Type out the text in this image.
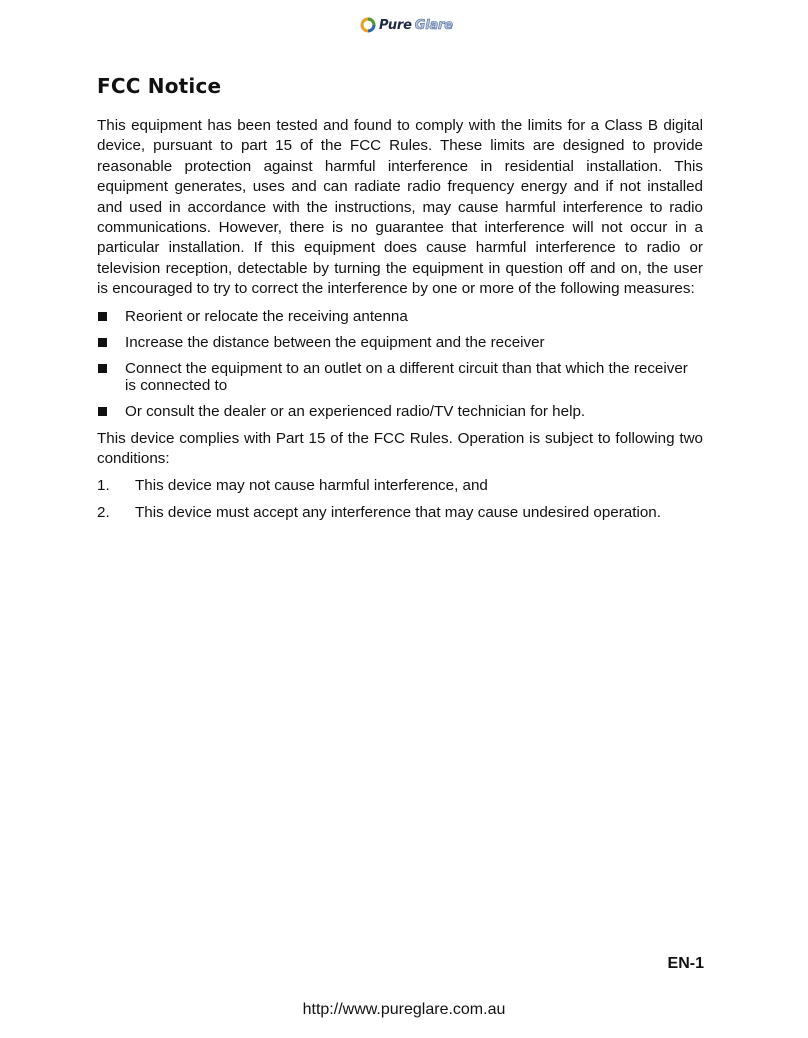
Pure Glare
FCC Notice

This equipment has been tested and found to comply with the limits for a Class B digital device, pursuant to part 15 of the FCC Rules. These limits are designed to provide reasonable protection against harmful interference in residential installation. This equipment generates, uses and can radiate radio frequency energy and if not installed and used in accordance with the instructions, may cause harmful interference to radio communications. However, there is no guarantee that interference will not occur in a particular installation. If this equipment does cause harmful interference to radio or television reception, detectable by turning the equipment in question off and on, the user is encouraged to try to correct the interference by one or more of the following measures:

Reorient or relocate the receiving antenna
Increase the distance between the equipment and the receiver
Connect the equipment to an outlet on a different circuit than that which the receiver is connected to
Or consult the dealer or an experienced radio/TV technician for help.

This device complies with Part 15 of the FCC Rules. Operation is subject to following two conditions:

1. This device may not cause harmful interference, and
2. This device must accept any interference that may cause undesired operation.
EN-1
http://www.pureglare.com.au
